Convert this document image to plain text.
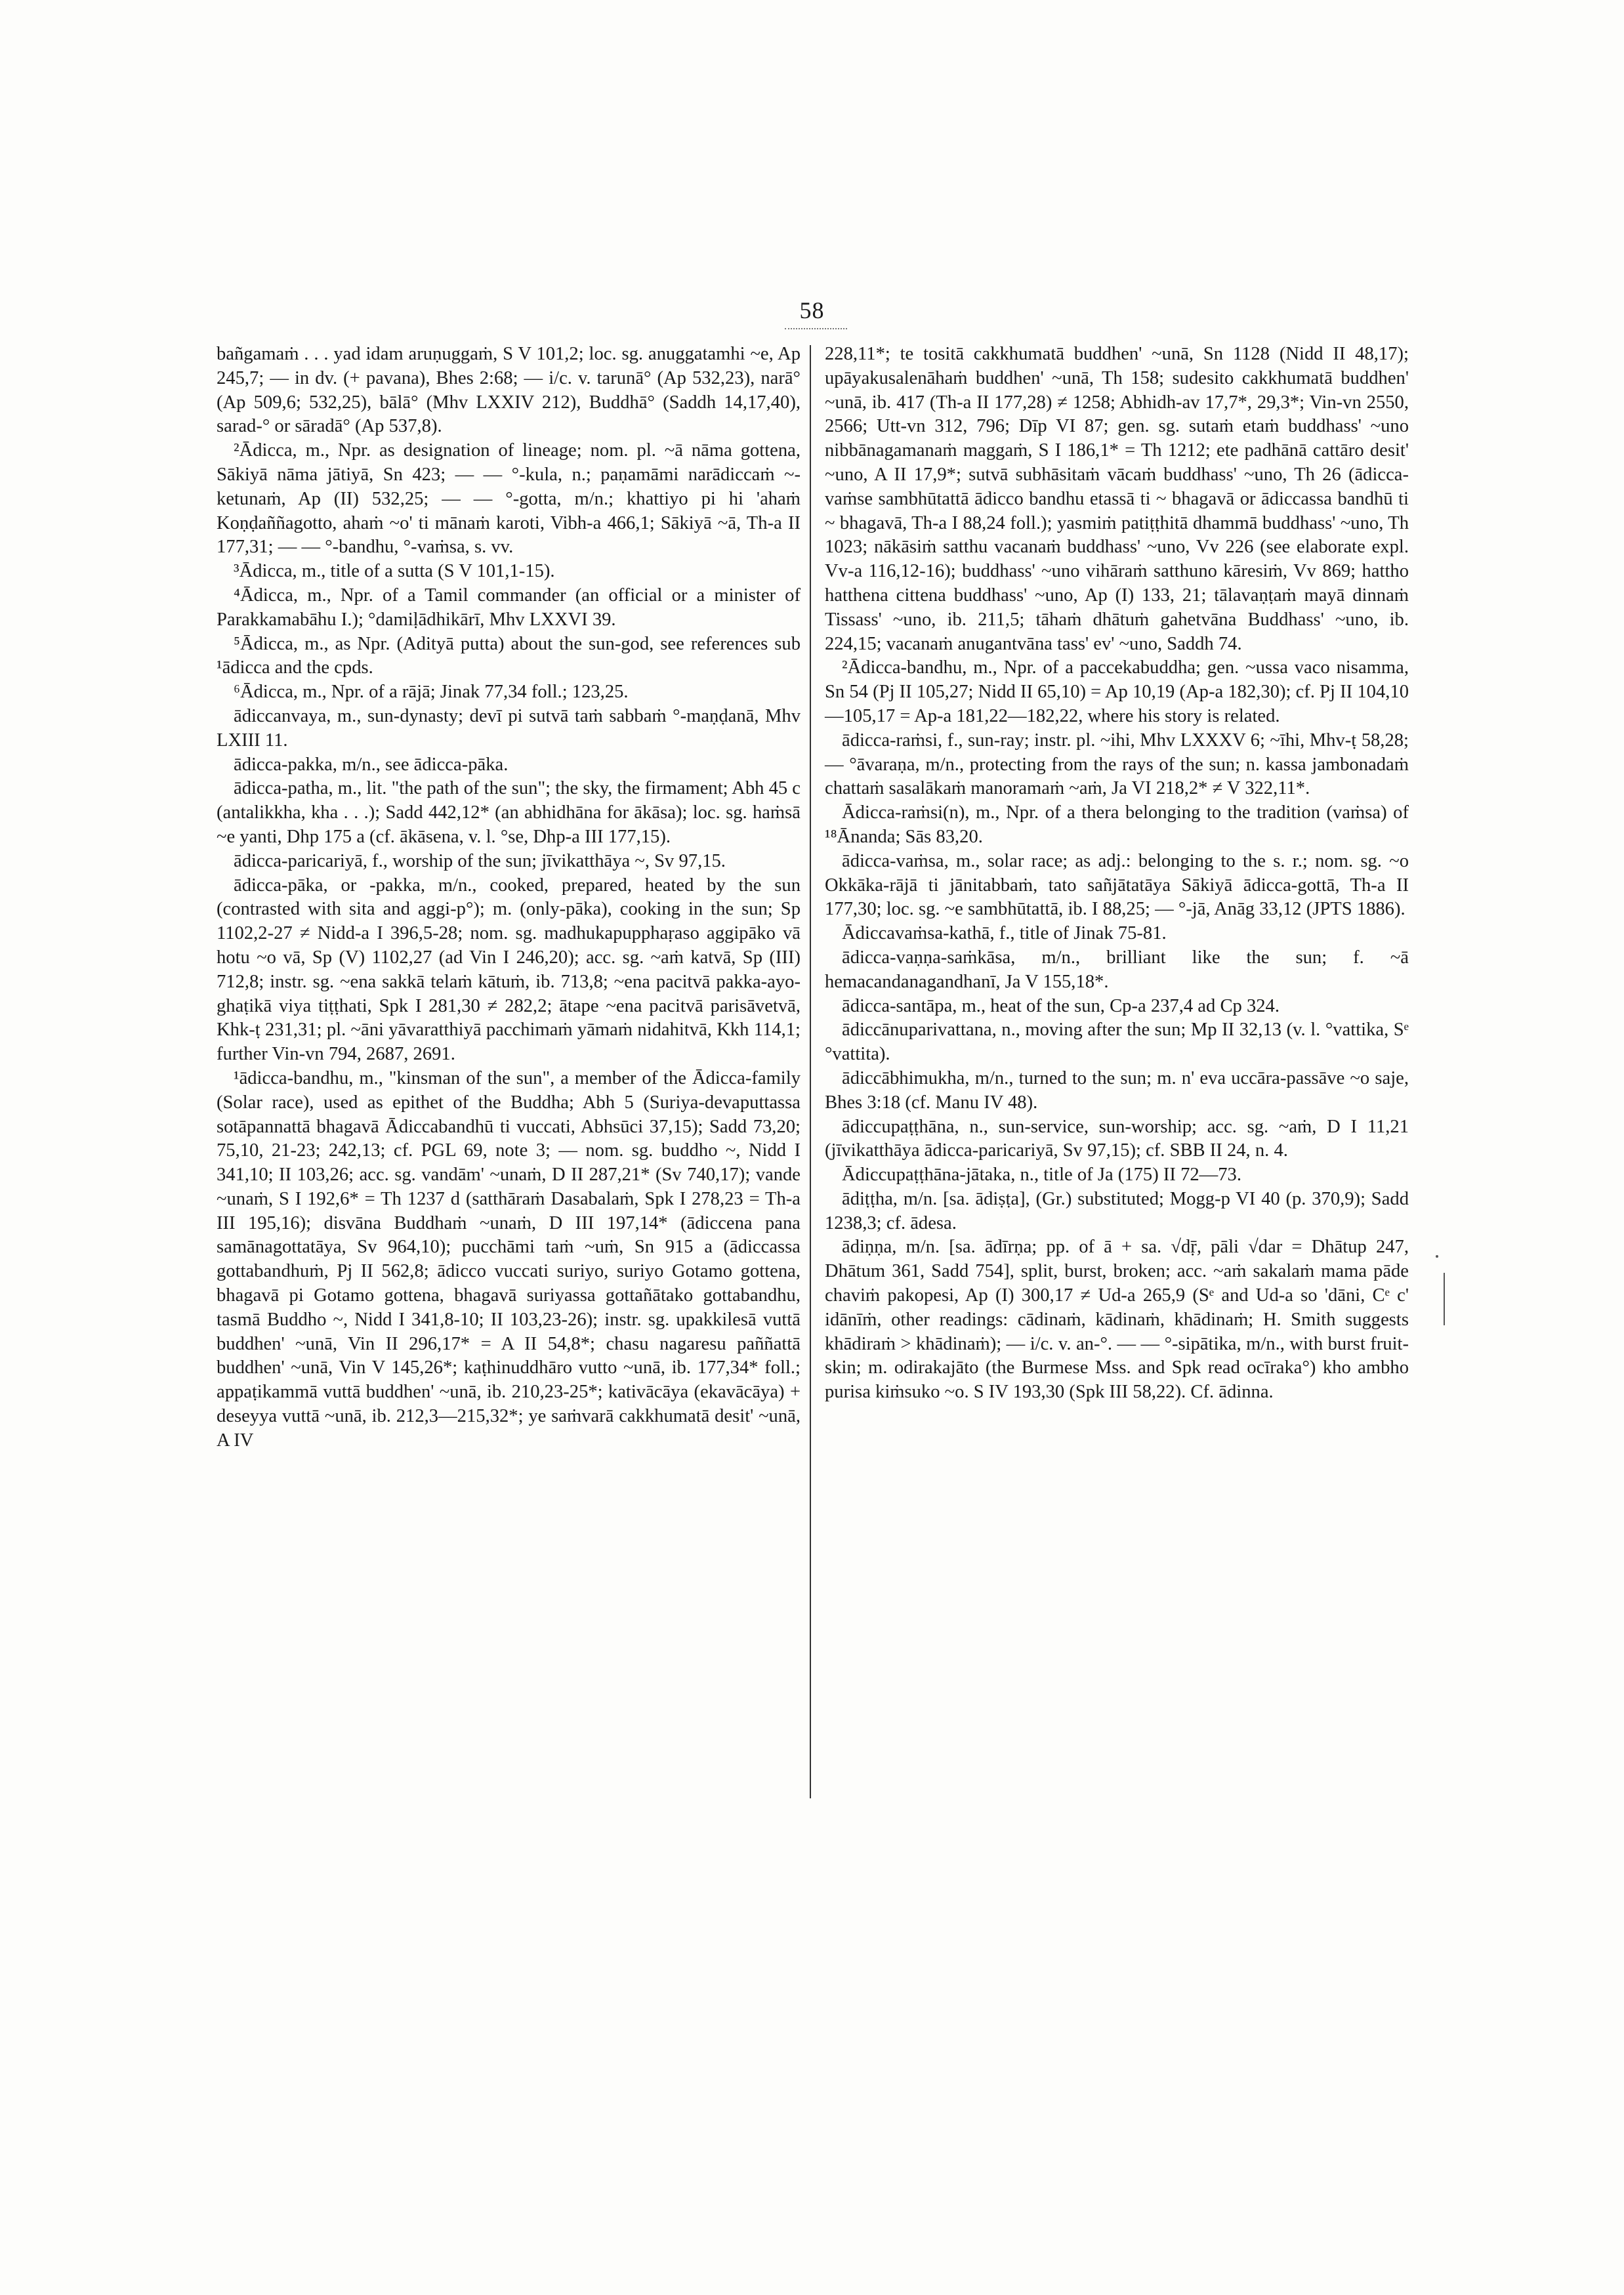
58

bañgamaṁ . . . yad idam aruṇuggaṁ, S V 101,2; loc. sg. anuggatamhi ~e, Ap 245,7; — in dv. (+ pavana), Bhes 2:68; — i/c. v. tarunā° (Ap 532,23), narā° (Ap 509,6; 532,25), bālā° (Mhv LXXIV 212), Buddhā° (Saddh 14,17,40), sarad-° or sāradā° (Ap 537,8).

²Ādicca, m., Npr. as designation of lineage; nom. pl. ~ā nāma gottena, Sākiyā nāma jātiyā, Sn 423; — — °-kula, n.; paṇamāmi narādiccaṁ ~-ketunaṁ, Ap (II) 532,25; — — °-gotta, m/n.; khattiyo pi hi 'ahaṁ Koṇḍaññagotto, ahaṁ ~o' ti mānaṁ karoti, Vibh-a 466,1; Sākiyā ~ā, Th-a II 177,31; — — °-bandhu, °-vaṁsa, s. vv.

³Ādicca, m., title of a sutta (S V 101,1-15).

⁴Ādicca, m., Npr. of a Tamil commander (an official or a minister of Parakkamabāhu I.); °damiḷādhikārī, Mhv LXXVI 39.

⁵Ādicca, m., as Npr. (Adityā putta) about the sun-god, see references sub ¹ādicca and the cpds.

⁶Ādicca, m., Npr. of a rājā; Jinak 77,34 foll.; 123,25.

ādiccanvaya, m., sun-dynasty; devī pi sutvā taṁ sabbaṁ °-maṇḍanā, Mhv LXIII 11.

ādicca-pakka, m/n., see ādicca-pāka.

ādicca-patha, m., lit. "the path of the sun"; the sky, the firmament; Abh 45 c (antalikkha, kha . . .); Sadd 442,12* (an abhidhāna for ākāsa); loc. sg. haṁsā ~e yanti, Dhp 175 a (cf. ākāsena, v. l. °se, Dhp-a III 177,15).

ādicca-paricariyā, f., worship of the sun; jīvikatthāya ~, Sv 97,15.

ādicca-pāka, or -pakka, m/n., cooked, prepared, heated by the sun (contrasted with sita and aggi-p°); m. (only-pāka), cooking in the sun; Sp 1102,2-27 ≠ Nidd-a I 396,5-28; nom. sg. madhukapupphaṛaso aggipāko vā hotu ~o vā, Sp (V) 1102,27 (ad Vin I 246,20); acc. sg. ~aṁ katvā, Sp (III) 712,8; instr. sg. ~ena sakkā telaṁ kātuṁ, ib. 713,8; ~ena pacitvā pakka-ayo-ghaṭikā viya tiṭṭhati, Spk I 281,30 ≠ 282,2; ātape ~ena pacitvā parisāvetvā, Khk-ṭ 231,31; pl. ~āni yāvaratthiyā pacchimaṁ yāmaṁ nidahitvā, Kkh 114,1; further Vin-vn 794, 2687, 2691.

¹ādicca-bandhu, m., "kinsman of the sun", a member of the Ādicca-family (Solar race), used as epithet of the Buddha; Abh 5 (Suriya-devaputtassa sotāpannattā bhagavā Ādiccabandhū ti vuccati, Abhsūci 37,15); Sadd 73,20; 75,10, 21-23; 242,13; cf. PGL 69, note 3; — nom. sg. buddho ~, Nidd I 341,10; II 103,26; acc. sg. vandām' ~unaṁ, D II 287,21* (Sv 740,17); vande ~unaṁ, S I 192,6* = Th 1237 d (satthāraṁ Dasabalaṁ, Spk I 278,23 = Th-a III 195,16); disvāna Buddhaṁ ~unaṁ, D III 197,14* (ādiccena pana samānagottatāya, Sv 964,10); pucchāmi taṁ ~uṁ, Sn 915 a (ādiccassa gottabandhuṁ, Pj II 562,8; ādicco vuccati suriyo, suriyo Gotamo gottena, bhagavā pi Gotamo gottena, bhagavā suriyassa gottañātako gottabandhu, tasmā Buddho ~, Nidd I 341,8-10; II 103,23-26); instr. sg. upakkilesā vuttā buddhen' ~unā, Vin II 296,17* = A II 54,8*; chasu nagaresu paññattā buddhen' ~unā, Vin V 145,26*; kaṭhinuddhāro vutto ~unā, ib. 177,34* foll.; appaṭikammā vuttā buddhen' ~unā, ib. 210,23-25*; kativācāya (ekavācāya) + deseyya vuttā ~unā, ib. 212,3—215,32*; ye saṁvarā cakkhumatā desit' ~unā, A IV

228,11*; te tositā cakkhumatā buddhen' ~unā, Sn 1128 (Nidd II 48,17); upāyakusalenāhaṁ buddhen' ~unā, Th 158; sudesito cakkhumatā buddhen' ~unā, ib. 417 (Th-a II 177,28) ≠ 1258; Abhidh-av 17,7*, 29,3*; Vin-vn 2550, 2566; Utt-vn 312, 796; Dīp VI 87; gen. sg. sutaṁ etaṁ buddhass' ~uno nibbānagamanaṁ maggaṁ, S I 186,1* = Th 1212; ete padhānā cattāro desit' ~uno, A II 17,9*; sutvā subhāsitaṁ vācaṁ buddhass' ~uno, Th 26 (ādicca-vaṁse sambhūtattā ādicco bandhu etassā ti ~ bhagavā or ādiccassa bandhū ti ~ bhagavā, Th-a I 88,24 foll.); yasmiṁ patiṭṭhitā dhammā buddhass' ~uno, Th 1023; nākāsiṁ satthu vacanaṁ buddhass' ~uno, Vv 226 (see elaborate expl. Vv-a 116,12-16); buddhass' ~uno vihāraṁ satthuno kāresiṁ, Vv 869; hattho hatthena cittena buddhass' ~uno, Ap (I) 133, 21; tālavaṇṭaṁ mayā dinnaṁ Tissass' ~uno, ib. 211,5; tāhaṁ dhātuṁ gahetvāna Buddhass' ~uno, ib. 224,15; vacanaṁ anugantvāna tass' ev' ~uno, Saddh 74.

²Ādicca-bandhu, m., Npr. of a paccekabuddha; gen. ~ussa vaco nisamma, Sn 54 (Pj II 105,27; Nidd II 65,10) = Ap 10,19 (Ap-a 182,30); cf. Pj II 104,10—105,17 = Ap-a 181,22—182,22, where his story is related.

ādicca-raṁsi, f., sun-ray; instr. pl. ~ihi, Mhv LXXXV 6; ~īhi, Mhv-ṭ 58,28; — °āvaraṇa, m/n., protecting from the rays of the sun; n. kassa jambonadaṁ chattaṁ sasalākaṁ manoramaṁ ~aṁ, Ja VI 218,2* ≠ V 322,11*.

Ādicca-raṁsi(n), m., Npr. of a thera belonging to the tradition (vaṁsa) of ¹⁸Ānanda; Sās 83,20.

ādicca-vaṁsa, m., solar race; as adj.: belonging to the s. r.; nom. sg. ~o Okkāka-rājā ti jānitabbaṁ, tato sañjātatāya Sākiyā ādicca-gottā, Th-a II 177,30; loc. sg. ~e sambhūtattā, ib. I 88,25; — °-jā, Anāg 33,12 (JPTS 1886).

Ādiccavaṁsa-kathā, f., title of Jinak 75-81.

ādicca-vaṇṇa-saṁkāsa, m/n., brilliant like the sun; f. ~ā hemacandanagandhanī, Ja V 155,18*.

ādicca-santāpa, m., heat of the sun, Cp-a 237,4 ad Cp 324.

ādiccānuparivattana, n., moving after the sun; Mp II 32,13 (v. l. °vattika, Sᵉ °vattita).

ādiccābhimukha, m/n., turned to the sun; m. n' eva uccāra-passāve ~o saje, Bhes 3:18 (cf. Manu IV 48).

ādiccupaṭṭhāna, n., sun-service, sun-worship; acc. sg. ~aṁ, D I 11,21 (jīvikatthāya ādicca-paricariyā, Sv 97,15); cf. SBB II 24, n. 4.

Ādiccupaṭṭhāna-jātaka, n., title of Ja (175) II 72—73.

ādiṭṭha, m/n. [sa. ādiṣṭa], (Gr.) substituted; Mogg-p VI 40 (p. 370,9); Sadd 1238,3; cf. ādesa.

ādiṇṇa, m/n. [sa. ādīrṇa; pp. of ā + sa. √dṝ, pāli √dar = Dhātup 247, Dhātum 361, Sadd 754], split, burst, broken; acc. ~aṁ sakalaṁ mama pāde chaviṁ pakopesi, Ap (I) 300,17 ≠ Ud-a 265,9 (Sᵉ and Ud-a so 'dāni, Cᵉ c' idānīṁ, other readings: cādinaṁ, kādinaṁ, khādinaṁ; H. Smith suggests khādiraṁ > khādinaṁ); — i/c. v. an-°. — — °-sipātika, m/n., with burst fruit-skin; m. odirakajāto (the Burmese Mss. and Spk read ocīraka°) kho ambho purisa kiṁsuko ~o. S IV 193,30 (Spk III 58,22). Cf. ādinna.
